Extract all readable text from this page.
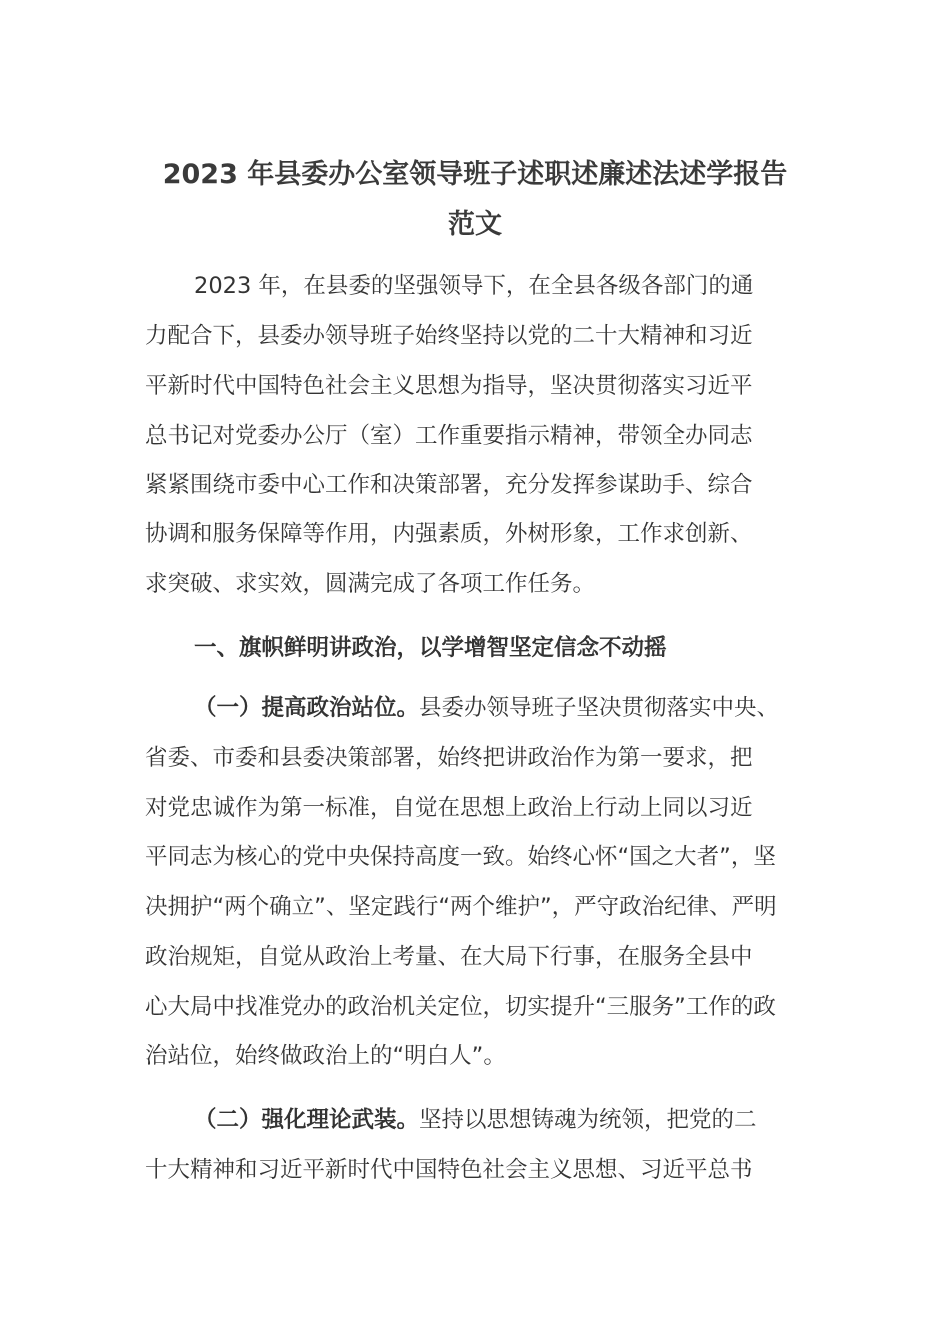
2023 年县委办公室领导班子述职述廉述法述学报告
范文
2023 年，在县委的坚强领导下，在全县各级各部门的通
力配合下，县委办领导班子始终坚持以党的二十大精神和习近
平新时代中国特色社会主义思想为指导，坚决贯彻落实习近平
总书记对党委办公厅（室）工作重要指示精神，带领全办同志
紧紧围绕市委中心工作和决策部署，充分发挥参谋助手、综合
协调和服务保障等作用，内强素质，外树形象，工作求创新、
求突破、求实效，圆满完成了各项工作任务。
一、旗帜鲜明讲政治，以学增智坚定信念不动摇
（一）提高政治站位。县委办领导班子坚决贯彻落实中央、
省委、市委和县委决策部署，始终把讲政治作为第一要求，把
对党忠诚作为第一标准，自觉在思想上政治上行动上同以习近
平同志为核心的党中央保持高度一致。始终心怀“国之大者”，坚
决拥护“两个确立”、坚定践行“两个维护”，严守政治纪律、严明
政治规矩，自觉从政治上考量、在大局下行事，在服务全县中
心大局中找准党办的政治机关定位，切实提升“三服务”工作的政
治站位，始终做政治上的“明白人”。
（二）强化理论武装。坚持以思想铸魂为统领，把党的二
十大精神和习近平新时代中国特色社会主义思想、习近平总书
